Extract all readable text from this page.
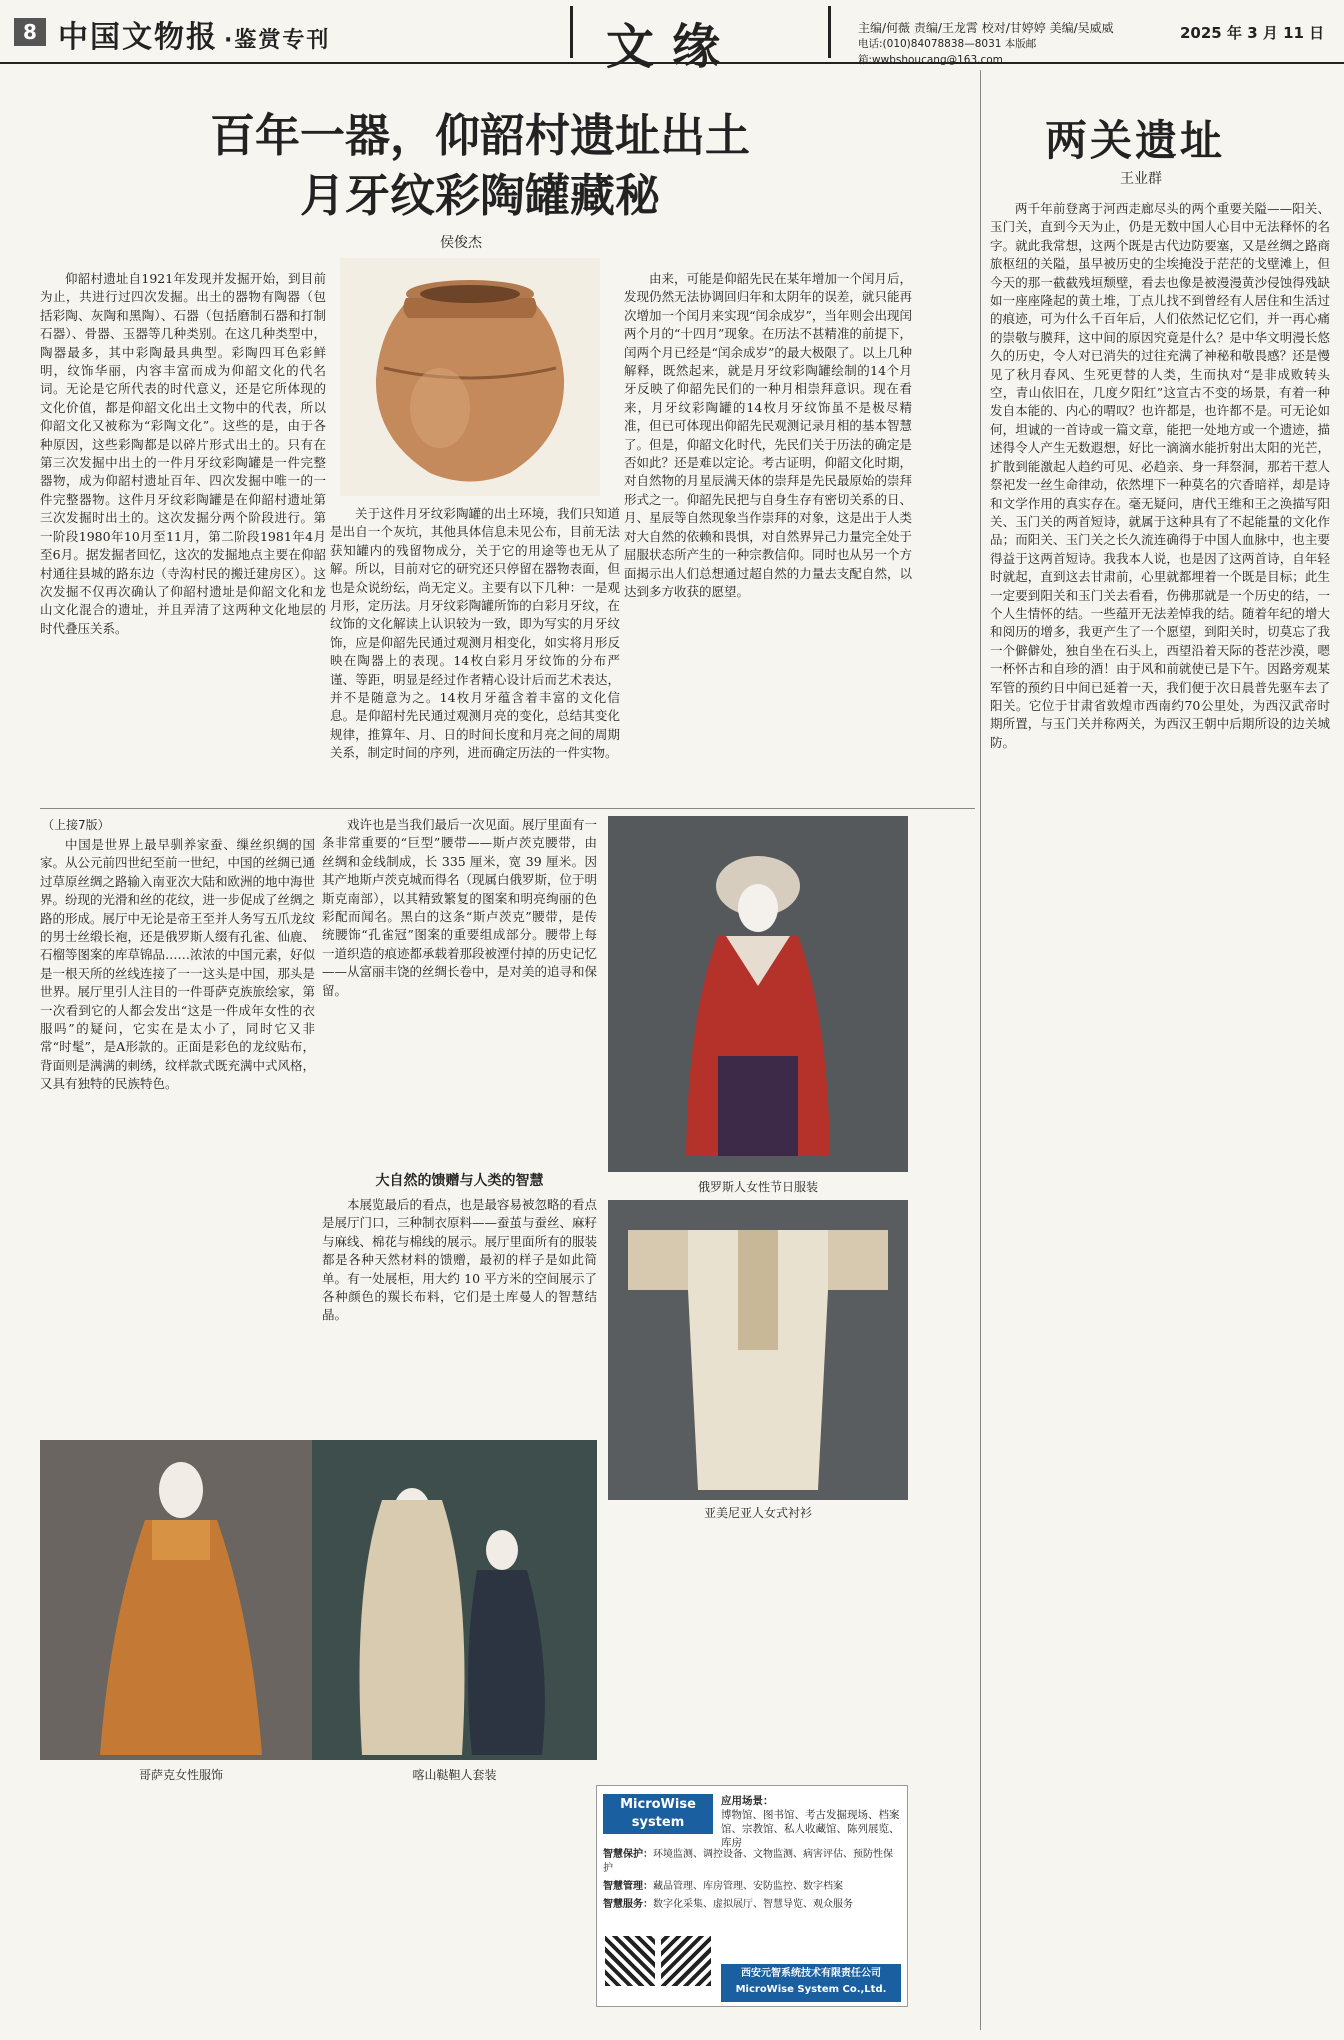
8 中国文物报 ·鉴赏专刊	文缘	主编/何薇 责编/王龙霄 校对/甘婷婷 美编/吴威威
电话:(010)84078838—8031 本版邮箱:wwbshoucang@163.com
2025 年 3 月 11 日
百年一器，仰韶村遗址出土
月牙纹彩陶罐藏秘
侯俊杰

仰韶村遗址自1921年发现并发掘开始，到目前为止，共进行过四次发掘。出土的器物有陶器（包括彩陶、灰陶和黑陶）、石器（包括磨制石器和打制石器）、骨器、玉器等几种类别。在这几种类型中，陶器最多，其中彩陶最具典型。彩陶四耳色彩鲜明，纹饰华丽，内容丰富而成为仰韶文化的代名词。无论是它所代表的时代意义，还是它所体现的文化价值，都是仰韶文化出土文物中的代表，所以仰韶文化又被称为“彩陶文化”。这些的是，由于各种原因，这些彩陶都是以碎片形式出土的。只有在第三次发掘中出土的一件月牙纹彩陶罐是一件完整器物，成为仰韶村遗址百年、四次发掘中唯一的一件完整器物。这件月牙纹彩陶罐是在仰韶村遗址第三次发掘时出土的。这次发掘分两个阶段进行。第一阶段1980年10月至11月，第二阶段1981年4月至6月。据发掘者回忆，这次的发掘地点主要在仰韶村通往县城的路东边（寺沟村民的搬迁建房区）。这次发掘不仅再次确认了仰韶村遗址是仰韶文化和龙山文化混合的遗址，并且弄清了这两种文化地层的时代叠压关系。

关于这件月牙纹彩陶罐的出土环境，我们只知道是出自一个灰坑，其他具体信息未见公布，目前无法获知罐内的残留物成分，关于它的用途等也无从了解。所以，目前对它的研究还只停留在器物表面，但也是众说纷纭，尚无定义。主要有以下几种：一是观月形，定历法。月牙纹彩陶罐所饰的白彩月牙纹，在纹饰的文化解读上认识较为一致，即为写实的月牙纹饰，应是仰韶先民通过观测月相变化，如实将月形反映在陶器上的表现。14枚白彩月牙纹饰的分布严谨、等距，明显是经过作者精心设计后而艺术表达，并不是随意为之。14枚月牙蕴含着丰富的文化信息。是仰韶村先民通过观测月亮的变化，总结其变化规律，推算年、月、日的时间长度和月亮之间的周期关系，制定时间的序列，进而确定历法的一件实物。

由来，可能是仰韶先民在某年增加一个闰月后，发现仍然无法协调回归年和太阴年的误差，就只能再次增加一个闰月来实现“闰余成岁”，当年则会出现闰两个月的“十四月”现象。在历法不甚精准的前提下，闰两个月已经是“闰余成岁”的最大极限了。以上几种解释，既然起来，就是月牙纹彩陶罐绘制的14个月牙反映了仰韶先民们的一种月相崇拜意识。现在看来，月牙纹彩陶罐的14枚月牙纹饰虽不是极尽精准，但已可体现出仰韶先民观测记录月相的基本智慧了。但是，仰韶文化时代，先民们关于历法的确定是否如此？还是难以定论。考古证明，仰韶文化时期，对自然物的月星辰满天体的崇拜是先民最原始的崇拜形式之一。仰韶先民把与自身生存有密切关系的日、月、星辰等自然现象当作崇拜的对象，这是出于人类对大自然的依赖和畏惧，对自然界异己力量完全处于屈服状态所产生的一种宗教信仰。同时也从另一个方面揭示出人们总想通过超自然的力量去支配自然，以达到多方收获的愿望。

两关遗址
王业群

两千年前登离于河西走廊尽头的两个重要关隘——阳关、玉门关，直到今天为止，仍是无数中国人心目中无法释怀的名字。就此我常想，这两个既是古代边防要塞，又是丝绸之路商旅枢纽的关隘，虽早被历史的尘埃掩没于茫茫的戈壁滩上，但今天的那一截截残垣颓壁，看去也像是被漫漫黄沙侵蚀得残缺如一座座隆起的黄土堆，丁点儿找不到曾经有人居住和生活过的痕迹，可为什么千百年后，人们依然记忆它们，并一再心痛的崇敬与膜拜，这中间的原因究竟是什么？是中华文明漫长悠久的历史，令人对已消失的过往充满了神秘和敬畏感？还是慢见了秋月春风、生死更替的人类，生而执对“是非成败转头空，青山依旧在，几度夕阳红”这宣古不变的场景，有着一种发自本能的、内心的喟叹？也许都是，也许都不是。可无论如何，坦诚的一首诗或一篇文章，能把一处地方或一个遗迹，描述得令人产生无数遐想，好比一滴滴水能折射出太阳的光芒，扩散到能激起人趋约可见、必趋亲、身一拜祭洞，那若干惹人祭祀发一丝生命律动，依然埋下一种莫名的穴香暗祥，却是诗和文学作用的真实存在。毫无疑问，唐代王维和王之涣描写阳关、玉门关的两首短诗，就属于这种具有了不起能量的文化作品；而阳关、玉门关之长久流连确得于中国人血脉中，也主要得益于这两首短诗。我我本人说，也是因了这两首诗，自年轻时就起，直到这去甘肃前，心里就都埋着一个既是目标；此生一定要到阳关和玉门关去看看，伤佛那就是一个历史的结，一个人生情怀的结。一些蕴开无法差悼我的结。随着年纪的增大和阅历的增多，我更产生了一个愿望，到阳关时，切莫忘了我一个僻僻处，独自坐在石头上，西望沿着天际的苍茫沙漠，嗯一杯怀古和自珍的酒！由于风和前就使已是下午。因路旁观某军管的预约日中间已延着一天，我们便于次日晨普先驱车去了阳关。它位于甘肃省敦煌市西南约70公里处，为西汉武帝时期所置，与玉门关并称两关，为西汉王朝中后期所设的边关城防。

（上接7版）

中国是世界上最早驯养家蚕、缫丝织绸的国家。从公元前四世纪至前一世纪，中国的丝绸已通过草原丝绸之路输入南亚次大陆和欧洲的地中海世界。纷现的光滑和丝的花纹，进一步促成了丝绸之路的形成。展厅中无论是帝王至并人务写五爪龙纹的男士丝缎长袍，还是俄罗斯人缀有孔雀、仙鹿、石榴等图案的库草锦品……浓浓的中国元素，好似是一根天所的丝线连接了一一这头是中国，那头是世界。展厅里引人注目的一件哥萨克族旅绘家，第一次看到它的人都会发出“这是一件成年女性的衣服吗”的疑问，它实在是太小了，同时它又非常“时髦”，是A形款的。正面是彩色的龙纹贴布，背面则是满满的刺绣，纹样款式既充满中式风格，又具有独特的民族特色。

戏许也是当我们最后一次见面。展厅里面有一条非常重要的“巨型”腰带——斯卢茨克腰带，由丝绸和金线制成，长 335 厘米，宽 39 厘米。因其产地斯卢茨克城而得名（现属白俄罗斯，位于明斯克南部），以其精致繁复的图案和明亮绚丽的色彩配而闻名。黑白的这条“斯卢茨克”腰带，是传统腰饰“孔雀冠”图案的重要组成部分。腰带上每一道织造的痕迹都承载着那段被湮付掉的历史记忆——从富丽丰饶的丝绸长卷中，是对美的追寻和保留。

大自然的馈赠与人类的智慧

本展览最后的看点，也是最容易被忽略的看点是展厅门口，三种制衣原料——蚕茧与蚕丝、麻籽与麻线、棉花与棉线的展示。展厅里面所有的服装都是各种天然材料的馈赠，最初的样子是如此简单。有一处展柜，用大约 10 平方米的空间展示了各种颜色的羰长布料，它们是土库曼人的智慧结晶。

俄罗斯人女性节日服装
亚美尼亚人女式衬衫
哥萨克女性服饰	喀山鞑靼人套装
MicroWise system
迈克威思
应用场景：
博物馆、图书馆、考古发掘现场、档案馆、宗教馆、私人收藏馆、陈列展览、库房
智慧保护：环境监测、调控设备、文物监测、病害评估、预防性保护
智慧管理：藏品管理、库房管理、安防监控、数字档案
智慧服务：数字化采集、虚拟展厅、智慧导览、观众服务
西安元智系统技术有限责任公司
MicroWise System Co.,Ltd.
